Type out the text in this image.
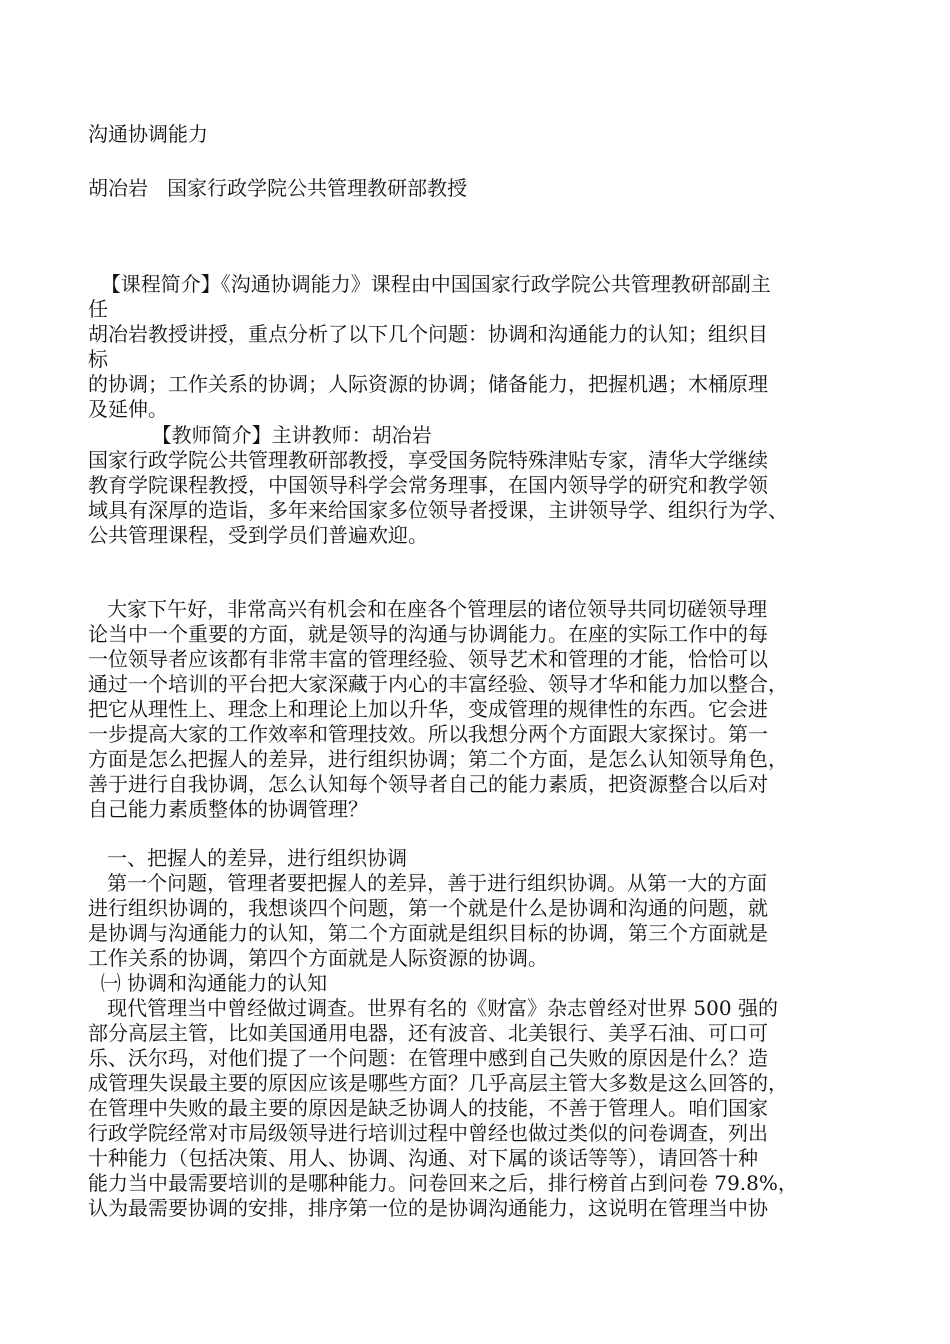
沟通协调能力
胡冶岩   国家行政学院公共管理教研部教授
【课程简介】《沟通协调能力》课程由中国国家行政学院公共管理教研部副主
任
胡冶岩教授讲授，重点分析了以下几个问题：协调和沟通能力的认知；组织目
标
的协调；工作关系的协调；人际资源的协调；储备能力，把握机遇；木桶原理
及延伸。
【教师简介】主讲教师：胡冶岩
国家行政学院公共管理教研部教授，享受国务院特殊津贴专家，清华大学继续
教育学院课程教授，中国领导科学会常务理事，在国内领导学的研究和教学领
域具有深厚的造诣，多年来给国家多位领导者授课，主讲领导学、组织行为学、
公共管理课程，受到学员们普遍欢迎。
大家下午好，非常高兴有机会和在座各个管理层的诸位领导共同切磋领导理
论当中一个重要的方面，就是领导的沟通与协调能力。在座的实际工作中的每
一位领导者应该都有非常丰富的管理经验、领导艺术和管理的才能，恰恰可以
通过一个培训的平台把大家深藏于内心的丰富经验、领导才华和能力加以整合，
把它从理性上、理念上和理论上加以升华，变成管理的规律性的东西。它会进
一步提高大家的工作效率和管理技效。所以我想分两个方面跟大家探讨。第一
方面是怎么把握人的差异，进行组织协调；第二个方面，是怎么认知领导角色，
善于进行自我协调，怎么认知每个领导者自己的能力素质，把资源整合以后对
自己能力素质整体的协调管理？
一、把握人的差异，进行组织协调
第一个问题，管理者要把握人的差异，善于进行组织协调。从第一大的方面
进行组织协调的，我想谈四个问题，第一个就是什么是协调和沟通的问题，就
是协调与沟通能力的认知，第二个方面就是组织目标的协调，第三个方面就是
工作关系的协调，第四个方面就是人际资源的协调。
㈠ 协调和沟通能力的认知
现代管理当中曾经做过调查。世界有名的《财富》杂志曾经对世界 500 强的
部分高层主管，比如美国通用电器，还有波音、北美银行、美孚石油、可口可
乐、沃尔玛，对他们提了一个问题：在管理中感到自己失败的原因是什么？造
成管理失误最主要的原因应该是哪些方面？几乎高层主管大多数是这么回答的，
在管理中失败的最主要的原因是缺乏协调人的技能，不善于管理人。咱们国家
行政学院经常对市局级领导进行培训过程中曾经也做过类似的问卷调查，列出
十种能力（包括决策、用人、协调、沟通、对下属的谈话等等），请回答十种
能力当中最需要培训的是哪种能力。问卷回来之后，排行榜首占到问卷 79.8%，
认为最需要协调的安排，排序第一位的是协调沟通能力，这说明在管理当中协
